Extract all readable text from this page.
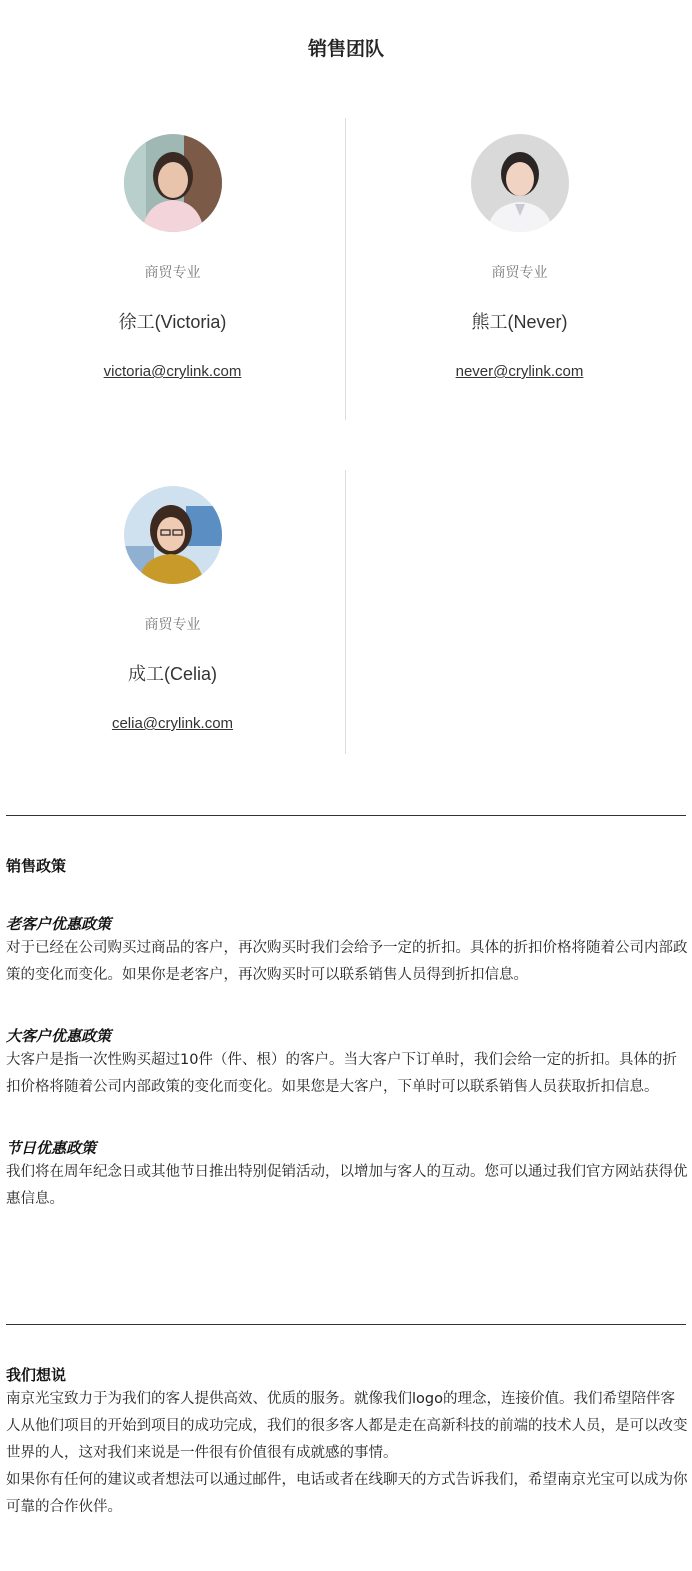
销售团队
商贸专业
徐工(Victoria)
victoria@crylink.com
商贸专业
熊工(Never)
never@crylink.com
商贸专业
成工(Celia)
celia@crylink.com
销售政策
老客户优惠政策
对于已经在公司购买过商品的客户，再次购买时我们会给予一定的折扣。具体的折扣价格将随着公司内部政策的变化而变化。如果你是老客户，再次购买时可以联系销售人员得到折扣信息。
大客户优惠政策
大客户是指一次性购买超过10件（件、根）的客户。当大客户下订单时，我们会给一定的折扣。具体的折扣价格将随着公司内部政策的变化而变化。如果您是大客户，下单时可以联系销售人员获取折扣信息。
节日优惠政策
我们将在周年纪念日或其他节日推出特别促销活动，以增加与客人的互动。您可以通过我们官方网站获得优惠信息。
我们想说
南京光宝致力于为我们的客人提供高效、优质的服务。就像我们logo的理念，连接价值。我们希望陪伴客人从他们项目的开始到项目的成功完成，我们的很多客人都是走在高新科技的前端的技术人员，是可以改变世界的人，这对我们来说是一件很有价值很有成就感的事情。
如果你有任何的建议或者想法可以通过邮件，电话或者在线聊天的方式告诉我们，希望南京光宝可以成为你可靠的合作伙伴。
